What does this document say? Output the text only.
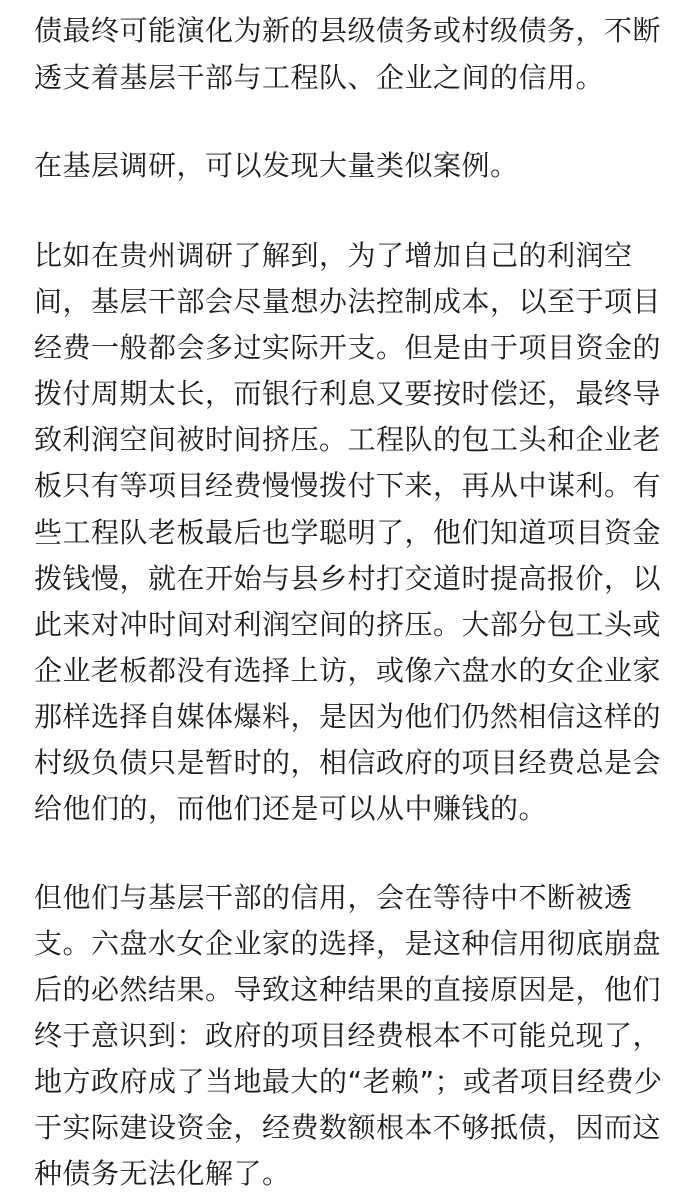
债最终可能演化为新的县级债务或村级债务，不断
透支着基层干部与工程队、企业之间的信用。
在基层调研，可以发现大量类似案例。
比如在贵州调研了解到，为了增加自己的利润空
间，基层干部会尽量想办法控制成本，以至于项目
经费一般都会多过实际开支。但是由于项目资金的
拨付周期太长，而银行利息又要按时偿还，最终导
致利润空间被时间挤压。工程队的包工头和企业老
板只有等项目经费慢慢拨付下来，再从中谋利。有
些工程队老板最后也学聪明了，他们知道项目资金
拨钱慢，就在开始与县乡村打交道时提高报价，以
此来对冲时间对利润空间的挤压。大部分包工头或
企业老板都没有选择上访，或像六盘水的女企业家
那样选择自媒体爆料，是因为他们仍然相信这样的
村级负债只是暂时的，相信政府的项目经费总是会
给他们的，而他们还是可以从中赚钱的。
但他们与基层干部的信用，会在等待中不断被透
支。六盘水女企业家的选择，是这种信用彻底崩盘
后的必然结果。导致这种结果的直接原因是，他们
终于意识到：政府的项目经费根本不可能兑现了，
地方政府成了当地最大的“老赖”；或者项目经费少
于实际建设资金，经费数额根本不够抵债，因而这
种债务无法化解了。
